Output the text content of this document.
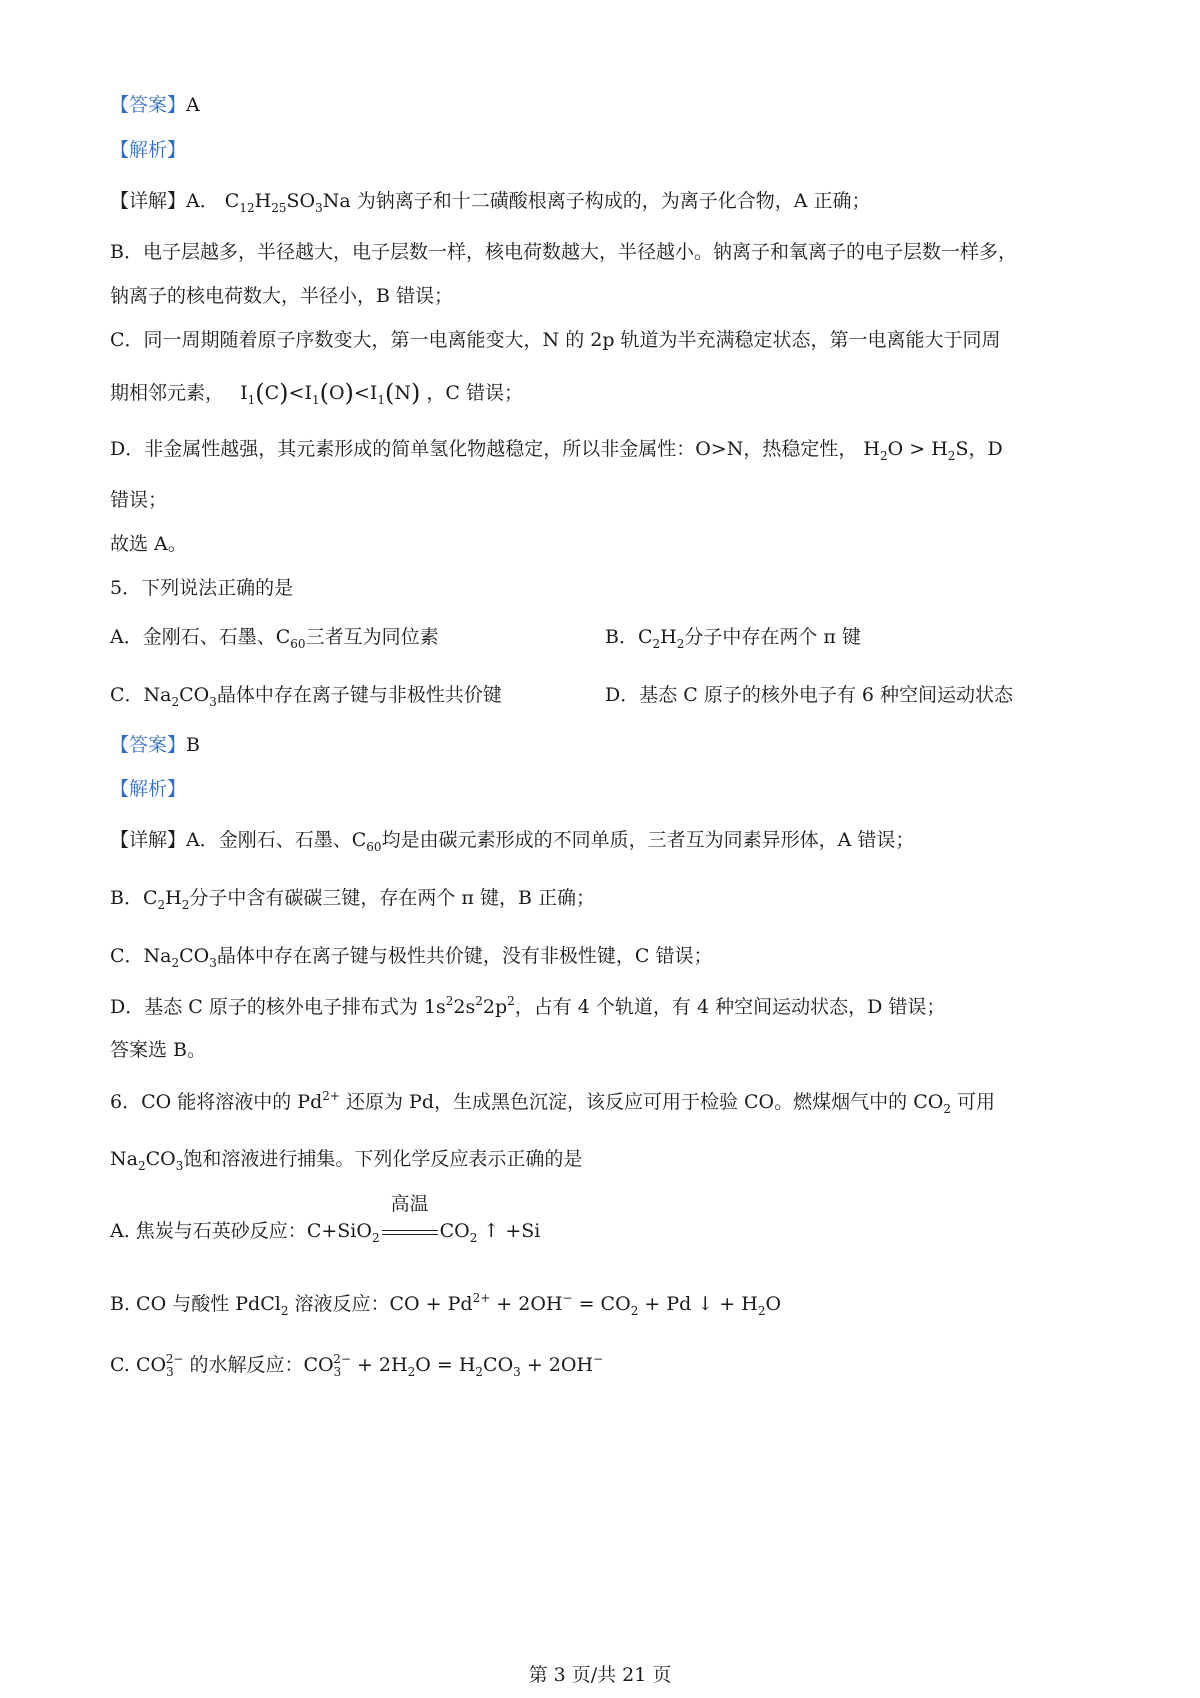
【答案】A
【解析】
【详解】A． $C_{12}H_{25}SO_3Na$ 为钠离子和十二磺酸根离子构成的，为离子化合物，A 正确；
B．电子层越多，半径越大，电子层数一样，核电荷数越大，半径越小。钠离子和氧离子的电子层数一样多，
钠离子的核电荷数大，半径小，B 错误；
C．同一周期随着原子序数变大，第一电离能变大，N 的 2p 轨道为半充满稳定状态，第一电离能大于同周
期相邻元素， $I_1(C)<I_1(O)<I_1(N)$ ，C 错误；
D．非金属性越强，其元素形成的简单氢化物越稳定，所以非金属性：O>N，热稳定性， $H_2O > H_2S$，D
错误；
故选 A。
5．下列说法正确的是
A．金刚石、石墨、$C_{60}$三者互为同位素	B．$C_2H_2$分子中存在两个 π 键
C．$Na_2CO_3$晶体中存在离子键与非极性共价键	D．基态 C 原子的核外电子有 6 种空间运动状态
【答案】B
【解析】
【详解】A．金刚石、石墨、$C_{60}$均是由碳元素形成的不同单质，三者互为同素异形体，A 错误；
B．$C_2H_2$分子中含有碳碳三键，存在两个 π 键，B 正确；
C．$Na_2CO_3$晶体中存在离子键与极性共价键，没有非极性键，C 错误；
D．基态 C 原子的核外电子排布式为 $1s^22s^22p^2$，占有 4 个轨道，有 4 种空间运动状态，D 错误；
答案选 B。
6．CO 能将溶液中的 $Pd^{2+}$ 还原为 Pd，生成黑色沉淀，该反应可用于检验 CO。燃煤烟气中的 $CO_2$ 可用
$Na_2CO_3$饱和溶液进行捕集。下列化学反应表示正确的是
A. 焦炭与石英砂反应：C+SiO$_2$
高温
$CO_2$ ↑ +Si
B. CO 与酸性 PdCl$_2$ 溶液反应：CO + $Pd^{2+} + 2OH^- = CO_2 + Pd$ ↓ + $H_2O$
C. $CO_3^{2-}$ 的水解反应：$CO_3^{2-} + 2H_2O = H_2CO_3 + 2OH^-$
第 3 页/共 21 页
